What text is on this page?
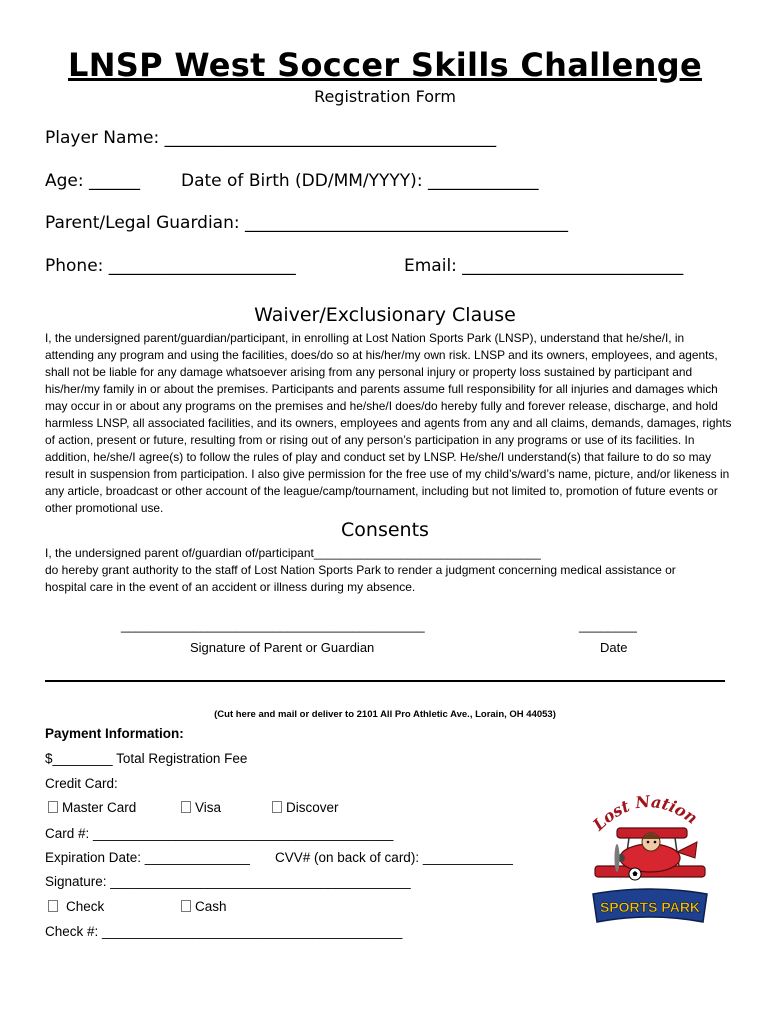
LNSP West Soccer Skills Challenge
Registration Form
Player Name: _______________________________________
Age: ______ Date of Birth (DD/MM/YYYY): _____________
Parent/Legal Guardian: ______________________________________
Phone: ______________________	Email: __________________________
Waiver/Exclusionary Clause
I, the undersigned parent/guardian/participant, in enrolling at Lost Nation Sports Park (LNSP), understand that he/she/I, in attending any program and using the facilities, does/do so at his/her/my own risk. LNSP and its owners, employees, and agents, shall not be liable for any damage whatsoever arising from any personal injury or property loss sustained by participant and his/her/my family in or about the premises. Participants and parents assume full responsibility for all injuries and damages which may occur in or about any programs on the premises and he/she/I does/do hereby fully and forever release, discharge, and hold harmless LNSP, all associated facilities, and its owners, employees and agents from any and all claims, demands, damages, rights of action, present or future, resulting from or rising out of any person’s participation in any programs or use of its facilities. In addition, he/she/I agree(s) to follow the rules of play and conduct set by LNSP. He/she/I understand(s) that failure to do so may result in suspension from participation. I also give permission for the free use of my child’s/ward’s name, picture, and/or likeness in any article, broadcast or other account of the league/camp/tournament, including but not limited to, promotion of future events or other promotional use.
Consents
I, the undersigned parent of/guardian of/participant__________________________________
do hereby grant authority to the staff of Lost Nation Sports Park to render a judgment concerning medical assistance or
hospital care in the event of an accident or illness during my absence.
__________________________________________	________
Signature of Parent or Guardian	Date
(Cut here and mail or deliver to 2101 All Pro Athletic Ave., Lorain, OH 44053)
Payment Information:
$________ Total Registration Fee
Credit Card:
Master Card	Visa	Discover
Card #: ________________________________________
Expiration Date: ______________ CVV# (on back of card): ____________
Signature: ________________________________________
Check	Cash
Check #: ________________________________________
Lost Nation
SPORTS PARK
